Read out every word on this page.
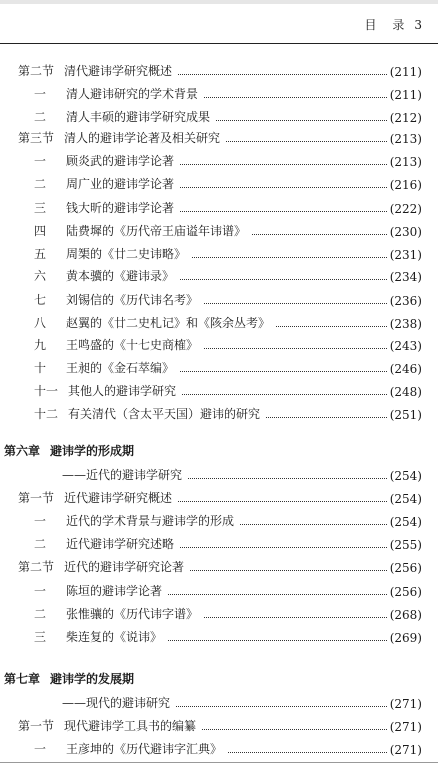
目 录 3
第二节 清代避讳学研究概述	(211)
一 清人避讳研究的学术背景	(211)
二 清人丰硕的避讳学研究成果	(212)
第三节 清人的避讳学论著及相关研究	(213)
一 顾炎武的避讳学论著	(213)
二 周广业的避讳学论著	(216)
三 钱大昕的避讳学论著	(222)
四 陆费墀的《历代帝王庙谥年讳谱》	(230)
五 周榘的《廿二史讳略》	(231)
六 黄本骥的《避讳录》	(234)
七 刘锡信的《历代讳名考》	(236)
八 赵翼的《廿二史札记》和《陔余丛考》	(238)
九 王鸣盛的《十七史商榷》	(243)
十 王昶的《金石萃编》	(246)
十一 其他人的避讳学研究	(248)
十二 有关清代（含太平天国）避讳的研究	(251)
第六章 避讳学的形成期
——近代的避讳学研究	(254)
第一节 近代避讳学研究概述	(254)
一 近代的学术背景与避讳学的形成	(254)
二 近代避讳学研究述略	(255)
第二节 近代的避讳学研究论著	(256)
一 陈垣的避讳学论著	(256)
二 张惟骧的《历代讳字谱》	(268)
三 柴连复的《说讳》	(269)
第七章 避讳学的发展期
——现代的避讳研究	(271)
第一节 现代避讳学工具书的编纂	(271)
一 王彦坤的《历代避讳字汇典》	(271)
